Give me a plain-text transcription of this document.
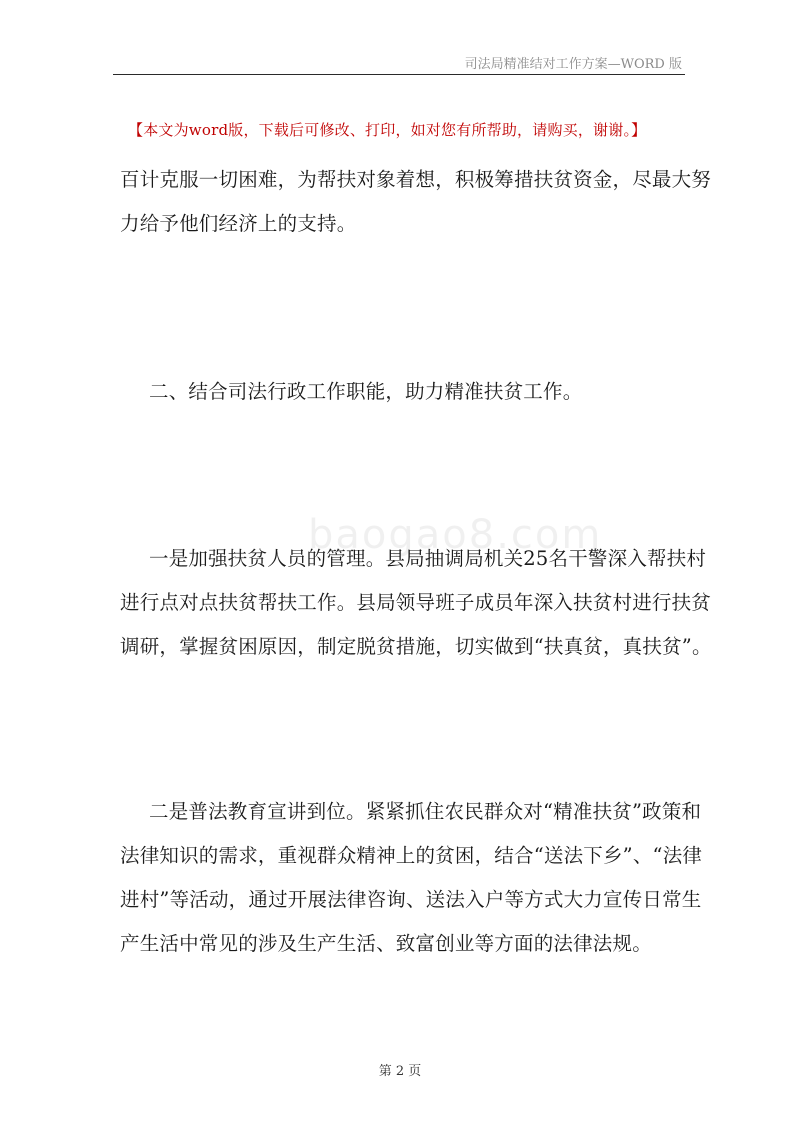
司法局精准结对工作方案—WORD 版
【本文为word版，下载后可修改、打印，如对您有所帮助，请购买，谢谢。】
baogao8.com

百计克服一切困难，为帮扶对象着想，积极筹措扶贫资金，尽最大努

力给予他们经济上的支持。

二、结合司法行政工作职能，助力精准扶贫工作。

一是加强扶贫人员的管理。县局抽调局机关25名干警深入帮扶村

进行点对点扶贫帮扶工作。县局领导班子成员年深入扶贫村进行扶贫

调研，掌握贫困原因，制定脱贫措施，切实做到“扶真贫，真扶贫”。

二是普法教育宣讲到位。紧紧抓住农民群众对“精准扶贫”政策和

法律知识的需求，重视群众精神上的贫困，结合“送法下乡”、“法律

进村”等活动，通过开展法律咨询、送法入户等方式大力宣传日常生

产生活中常见的涉及生产生活、致富创业等方面的法律法规。

第 2 页
